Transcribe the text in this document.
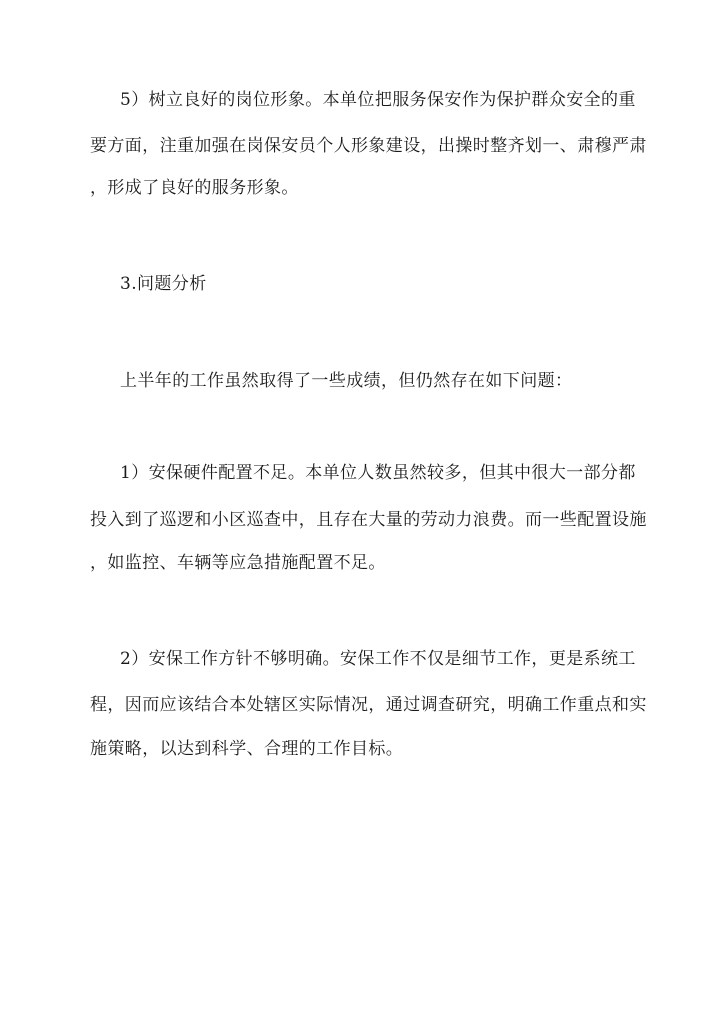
5）树立良好的岗位形象。本单位把服务保安作为保护群众安全的重
要方面，注重加强在岗保安员个人形象建设，出操时整齐划一、肃穆严肃
，形成了良好的服务形象。
3.问题分析
上半年的工作虽然取得了一些成绩，但仍然存在如下问题：
1）安保硬件配置不足。本单位人数虽然较多，但其中很大一部分都
投入到了巡逻和小区巡查中，且存在大量的劳动力浪费。而一些配置设施
，如监控、车辆等应急措施配置不足。
2）安保工作方针不够明确。安保工作不仅是细节工作，更是系统工
程，因而应该结合本处辖区实际情况，通过调查研究，明确工作重点和实
施策略，以达到科学、合理的工作目标。
